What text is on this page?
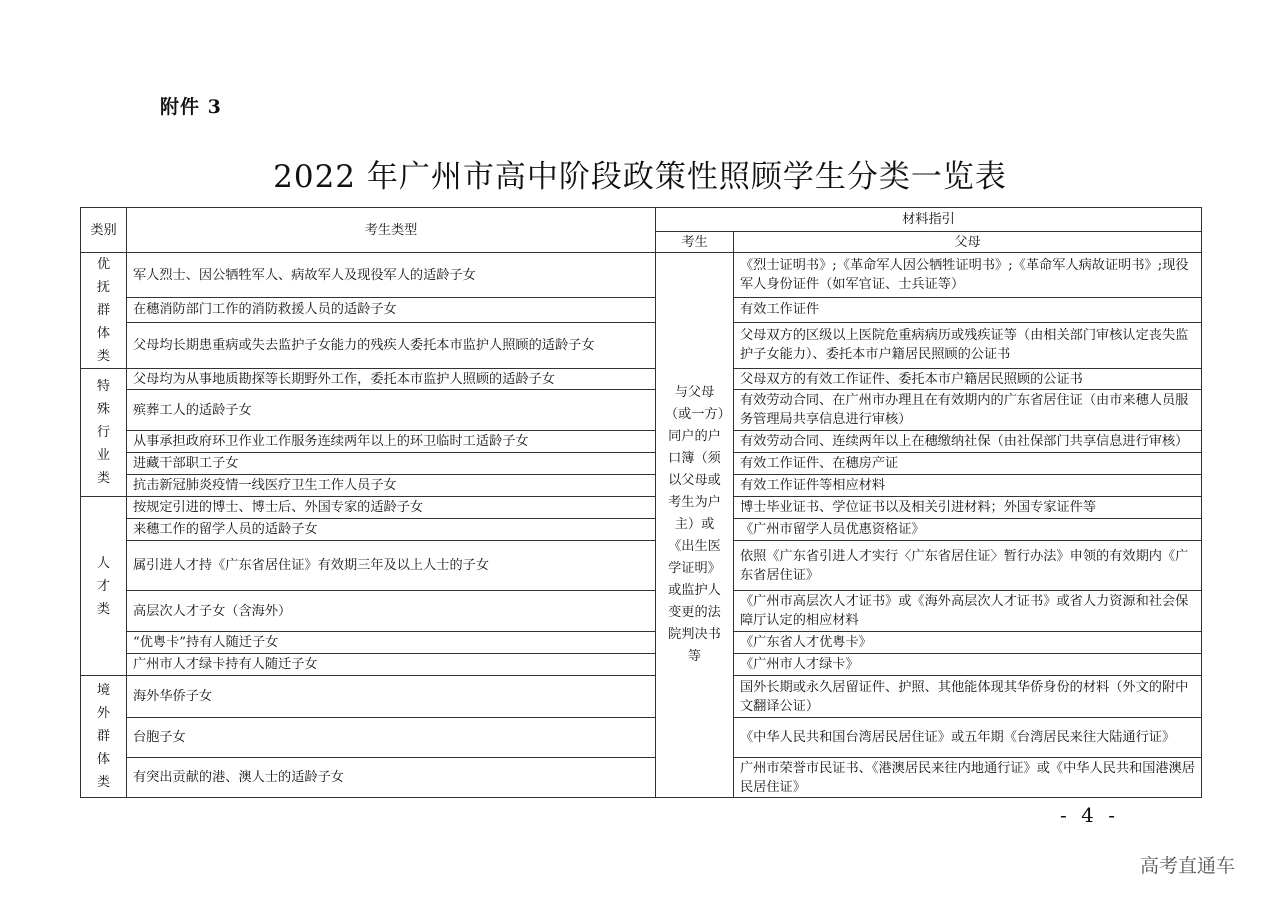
附件 3
2022 年广州市高中阶段政策性照顾学生分类一览表
类别	考生类型	材料指引	
		考生	父母

优抚群体类	军人烈士、因公牺牲军人、病故军人及现役军人的适龄子女	与父母（或一方）同户的户口簿（须以父母或考生为户主）或《出生医学证明》或监护人变更的法院判决书等	《烈士证明书》;《革命军人因公牺牲证明书》;《革命军人病故证明书》;现役军人身份证件（如军官证、士兵证等）
	在穗消防部门工作的消防救援人员的适龄子女		有效工作证件
	父母均长期患重病或失去监护子女能力的残疾人委托本市监护人照顾的适龄子女		父母双方的区级以上医院危重病病历或残疾证等（由相关部门审核认定丧失监护子女能力）、委托本市户籍居民照顾的公证书

特殊行业类	父母均为从事地质勘探等长期野外工作，委托本市监护人照顾的适龄子女		父母双方的有效工作证件、委托本市户籍居民照顾的公证书
	殡葬工人的适龄子女		有效劳动合同、在广州市办理且在有效期内的广东省居住证（由市来穗人员服务管理局共享信息进行审核）
	从事承担政府环卫作业工作服务连续两年以上的环卫临时工适龄子女		有效劳动合同、连续两年以上在穗缴纳社保（由社保部门共享信息进行审核）
	进藏干部职工子女		有效工作证件、在穗房产证
	抗击新冠肺炎疫情一线医疗卫生工作人员子女		有效工作证件等相应材料

人才类	按规定引进的博士、博士后、外国专家的适龄子女		博士毕业证书、学位证书以及相关引进材料；外国专家证件等
	来穗工作的留学人员的适龄子女		《广州市留学人员优惠资格证》
	属引进人才持《广东省居住证》有效期三年及以上人士的子女		依照《广东省引进人才实行〈广东省居住证〉暂行办法》申领的有效期内《广东省居住证》
	高层次人才子女（含海外）		《广州市高层次人才证书》或《海外高层次人才证书》或省人力资源和社会保障厅认定的相应材料
	“优粤卡”持有人随迁子女		《广东省人才优粤卡》
	广州市人才绿卡持有人随迁子女		《广州市人才绿卡》

境外群体类	海外华侨子女		国外长期或永久居留证件、护照、其他能体现其华侨身份的材料（外文的附中文翻译公证）
	台胞子女		《中华人民共和国台湾居民居住证》或五年期《台湾居民来往大陆通行证》
	有突出贡献的港、澳人士的适龄子女		广州市荣誉市民证书、《港澳居民来往内地通行证》或《中华人民共和国港澳居民居住证》
- 4 -
高考直通车
